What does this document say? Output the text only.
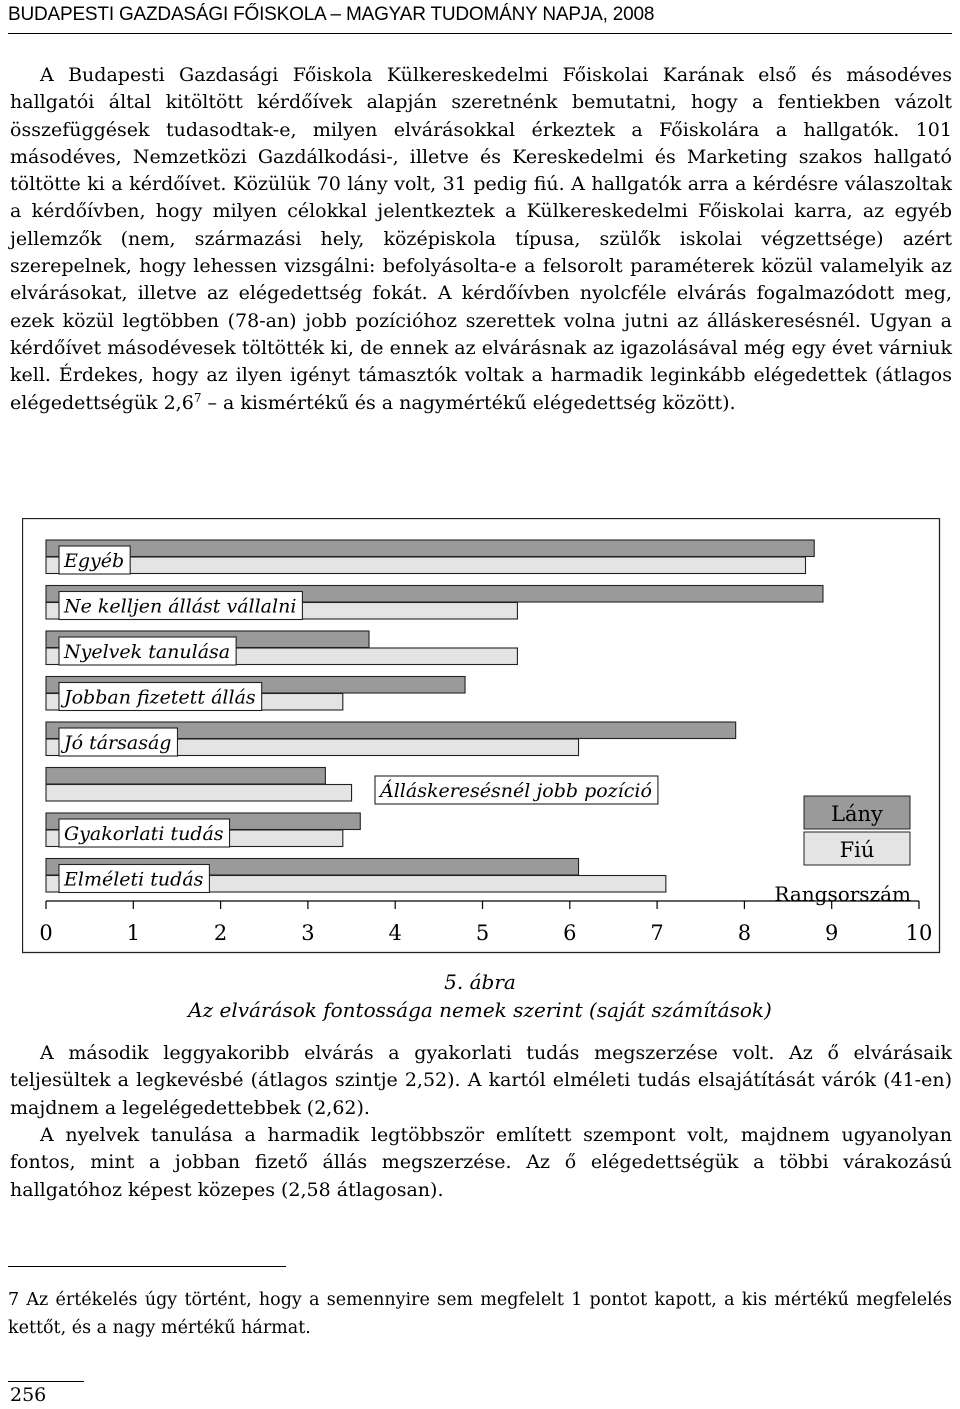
BUDAPESTI GAZDASÁGI FŐISKOLA – MAGYAR TUDOMÁNY NAPJA, 2008

A Budapesti Gazdasági Főiskola Külkereskedelmi Főiskolai Karának első és másodéves hallgatói által kitöltött kérdőívek alapján szeretnénk bemutatni, hogy a fentiekben vázolt összefüggések tudasodtak-e, milyen elvárásokkal érkeztek a Főiskolára a hallgatók. 101 másodéves, Nemzetközi Gazdálkodási-, illetve és Kereskedelmi és Marketing szakos hallgató töltötte ki a kérdőívet. Közülük 70 lány volt, 31 pedig fiú. A hallgatók arra a kérdésre válaszoltak a kérdőívben, hogy milyen célokkal jelentkeztek a Külkereskedelmi Főiskolai karra, az egyéb jellemzők (nem, származási hely, középiskola típusa, szülők iskolai végzettsége) azért szerepelnek, hogy lehessen vizsgálni: befolyásolta-e a felsorolt paraméterek közül valamelyik az elvárásokat, illetve az elégedettség fokát. A kérdőívben nyolcféle elvárás fogalmazódott meg, ezek közül legtöbben (78-an) jobb pozícióhoz szerettek volna jutni az álláskeresésnél. Ugyan a kérdőívet másodévesek töltötték ki, de ennek az elvárásnak az igazolásával még egy évet várniuk kell. Érdekes, hogy az ilyen igényt támasztók voltak a harmadik leginkább elégedettek (átlagos elégedettségük $2,6^7$ – a kismértékű és a nagymértékű elégedettség között).

Egyéb
Ne kelljen állást vállalni
Nyelvek tanulása
Jobban fizetett állás
Jó társaság
Álláskeresésnél jobb pozíció
Gyakorlati tudás
Elméleti tudás
0	1	2	3	4	5	6	7	8	9	10
Lány
Fiú
Rangsorszám
5. ábra
Az elvárások fontossága nemek szerint (saját számítások)

A második leggyakoribb elvárás a gyakorlati tudás megszerzése volt. Az ő elvárásaik teljesültek a legkevésbé (átlagos szintje 2,52). A kartól elméleti tudás elsajátítását várók (41-en) majdnem a legelégedettebbek (2,62).

A nyelvek tanulása a harmadik legtöbbször említett szempont volt, majdnem ugyanolyan fontos, mint a jobban fizető állás megszerzése. Az ő elégedettségük a többi várakozású hallgatóhoz képest közepes (2,58 átlagosan).

7 Az értékelés úgy történt, hogy a semennyire sem megfelelt 1 pontot kapott, a kis mértékű megfelelés kettőt, és a nagy mértékű hármat.

256
